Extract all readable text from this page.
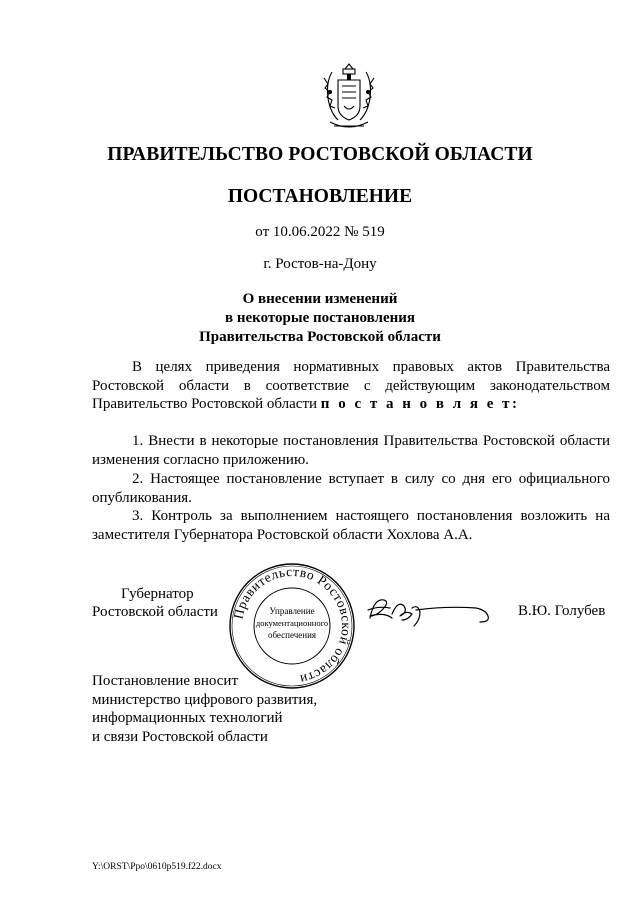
ПРАВИТЕЛЬСТВО РОСТОВСКОЙ ОБЛАСТИ
ПОСТАНОВЛЕНИЕ
от 10.06.2022 № 519
г. Ростов-на-Дону
О внесении изменений
в некоторые постановления
Правительства Ростовской области
В целях приведения нормативных правовых актов Правительства Ростовской области в соответствие с действующим законодательством Правительство Ростовской области п о с т а н о в л я е т:
1. Внести в некоторые постановления Правительства Ростовской области изменения согласно приложению.
2. Настоящее постановление вступает в силу со дня его официального опубликования.
3. Контроль за выполнением настоящего постановления возложить на заместителя Губернатора Ростовской области Хохлова А.А.
Губернатор
Ростовской области Правительство Ростовской области
Управление
документационного
обеспечения
В.Ю. Голубев
Постановление вносит
министерство цифрового развития,
информационных технологий
и связи Ростовской области
Y:\ORST\Ppo\0610p519.f22.docx
